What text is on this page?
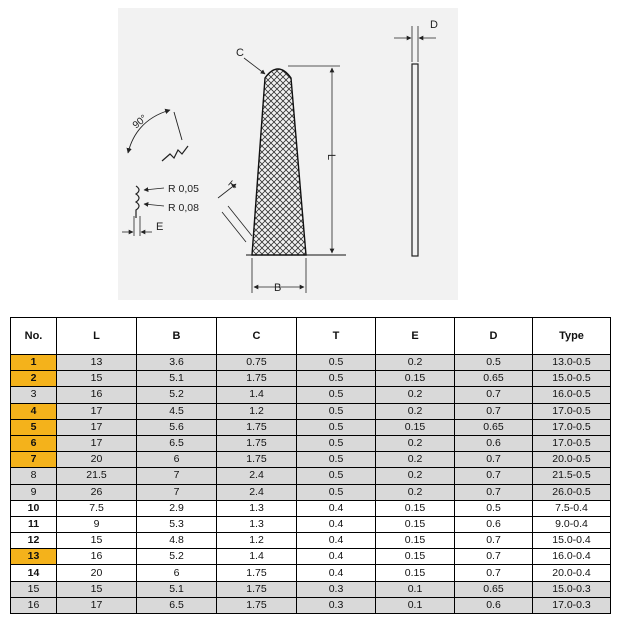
C
L
B
T
90°
R 0,05
R 0,08
E
D
No.	L	B	C	T	E	D	Type
1	13	3.6	0.75	0.5	0.2	0.5	13.0-0.5
2	15	5.1	1.75	0.5	0.15	0.65	15.0-0.5
3	16	5.2	1.4	0.5	0.2	0.7	16.0-0.5
4	17	4.5	1.2	0.5	0.2	0.7	17.0-0.5
5	17	5.6	1.75	0.5	0.15	0.65	17.0-0.5
6	17	6.5	1.75	0.5	0.2	0.6	17.0-0.5
7	20	6	1.75	0.5	0.2	0.7	20.0-0.5
8	21.5	7	2.4	0.5	0.2	0.7	21.5-0.5
9	26	7	2.4	0.5	0.2	0.7	26.0-0.5
10	7.5	2.9	1.3	0.4	0.15	0.5	7.5-0.4
11	9	5.3	1.3	0.4	0.15	0.6	9.0-0.4
12	15	4.8	1.2	0.4	0.15	0.7	15.0-0.4
13	16	5.2	1.4	0.4	0.15	0.7	16.0-0.4
14	20	6	1.75	0.4	0.15	0.7	20.0-0.4
15	15	5.1	1.75	0.3	0.1	0.65	15.0-0.3
16	17	6.5	1.75	0.3	0.1	0.6	17.0-0.3
